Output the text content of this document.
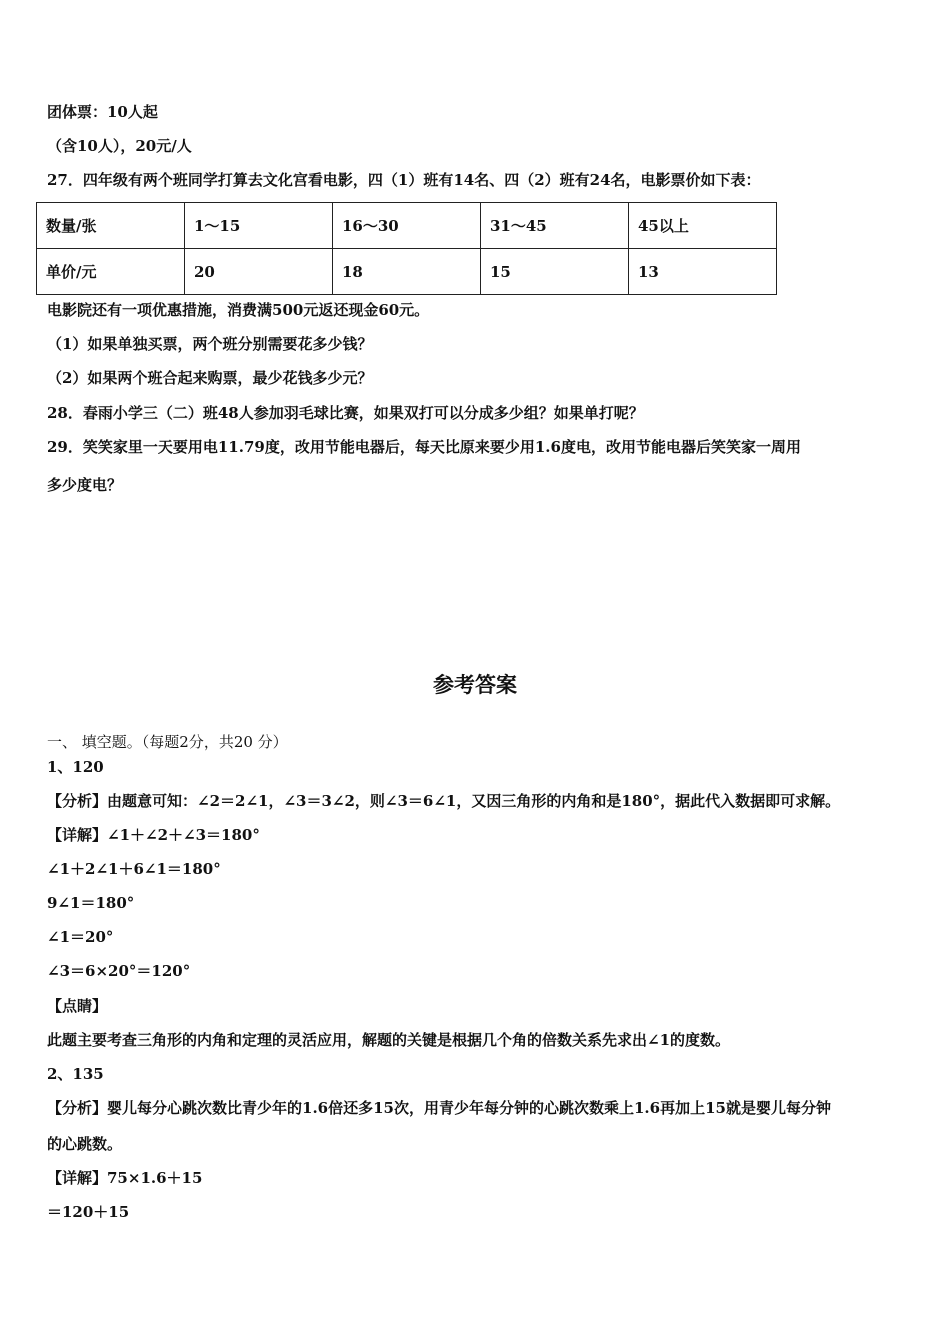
团体票：10人起
（含10人），20元/人
27．四年级有两个班同学打算去文化宫看电影，四（1）班有14名、四（2）班有24名，电影票价如下表：
数量/张	1～15	16～30	31～45	45以上
单价/元	20	18	15	13
电影院还有一项优惠措施，消费满500元返还现金60元。
（1）如果单独买票，两个班分别需要花多少钱？
（2）如果两个班合起来购票，最少花钱多少元？
28．春雨小学三（二）班48人参加羽毛球比赛，如果双打可以分成多少组？如果单打呢？
29．笑笑家里一天要用电11.79度，改用节能电器后，每天比原来要少用1.6度电，改用节能电器后笑笑家一周用
多少度电？
参考答案
一、 填空题。（每题2分，共20 分）
1、120
【分析】由题意可知：∠2＝2∠1，∠3＝3∠2，则∠3＝6∠1，又因三角形的内角和是180°，据此代入数据即可求解。
【详解】∠1＋∠2＋∠3＝180°
∠1＋2∠1＋6∠1＝180°
9∠1＝180°
∠1＝20°
∠3＝6×20°＝120°
【点睛】
此题主要考查三角形的内角和定理的灵活应用，解题的关键是根据几个角的倍数关系先求出∠1的度数。
2、135
【分析】婴儿每分心跳次数比青少年的1.6倍还多15次，用青少年每分钟的心跳次数乘上1.6再加上15就是婴儿每分钟
的心跳数。
【详解】75×1.6＋15
＝120＋15
